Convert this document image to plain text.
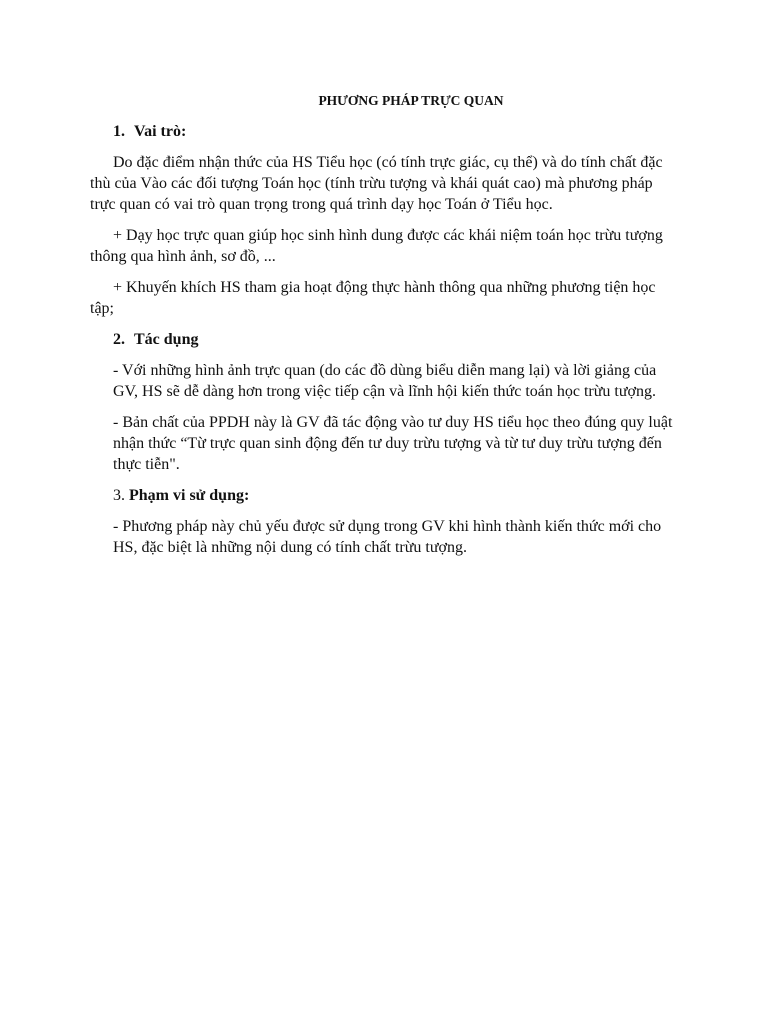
PHƯƠNG PHÁP TRỰC QUAN
1. Vai trò:
Do đặc điểm nhận thức của HS Tiểu học (có tính trực giác, cụ thể) và do tính chất đặc thù của Vào các đối tượng Toán học (tính trừu tượng và khái quát cao) mà phương pháp trực quan có vai trò quan trọng trong quá trình dạy học Toán ở Tiểu học.
+ Dạy học trực quan giúp học sinh hình dung được các khái niệm toán học trừu tượng thông qua hình ảnh, sơ đồ, ...
+ Khuyến khích HS tham gia hoạt động thực hành thông qua những phương tiện học tập;
2. Tác dụng
- Với những hình ảnh trực quan (do các đồ dùng biểu diễn mang lại) và lời giảng của GV, HS sẽ dễ dàng hơn trong việc tiếp cận và lĩnh hội kiến thức toán học trừu tượng.
- Bản chất của PPDH này là GV đã tác động vào tư duy HS tiểu học theo đúng quy luật nhận thức “Từ trực quan sinh động đến tư duy trừu tượng và từ tư duy trừu tượng đến thực tiễn".
3. Phạm vi sử dụng:
- Phương pháp này chủ yếu được sử dụng trong GV khi hình thành kiến thức mới cho HS, đặc biệt là những nội dung có tính chất trừu tượng.
